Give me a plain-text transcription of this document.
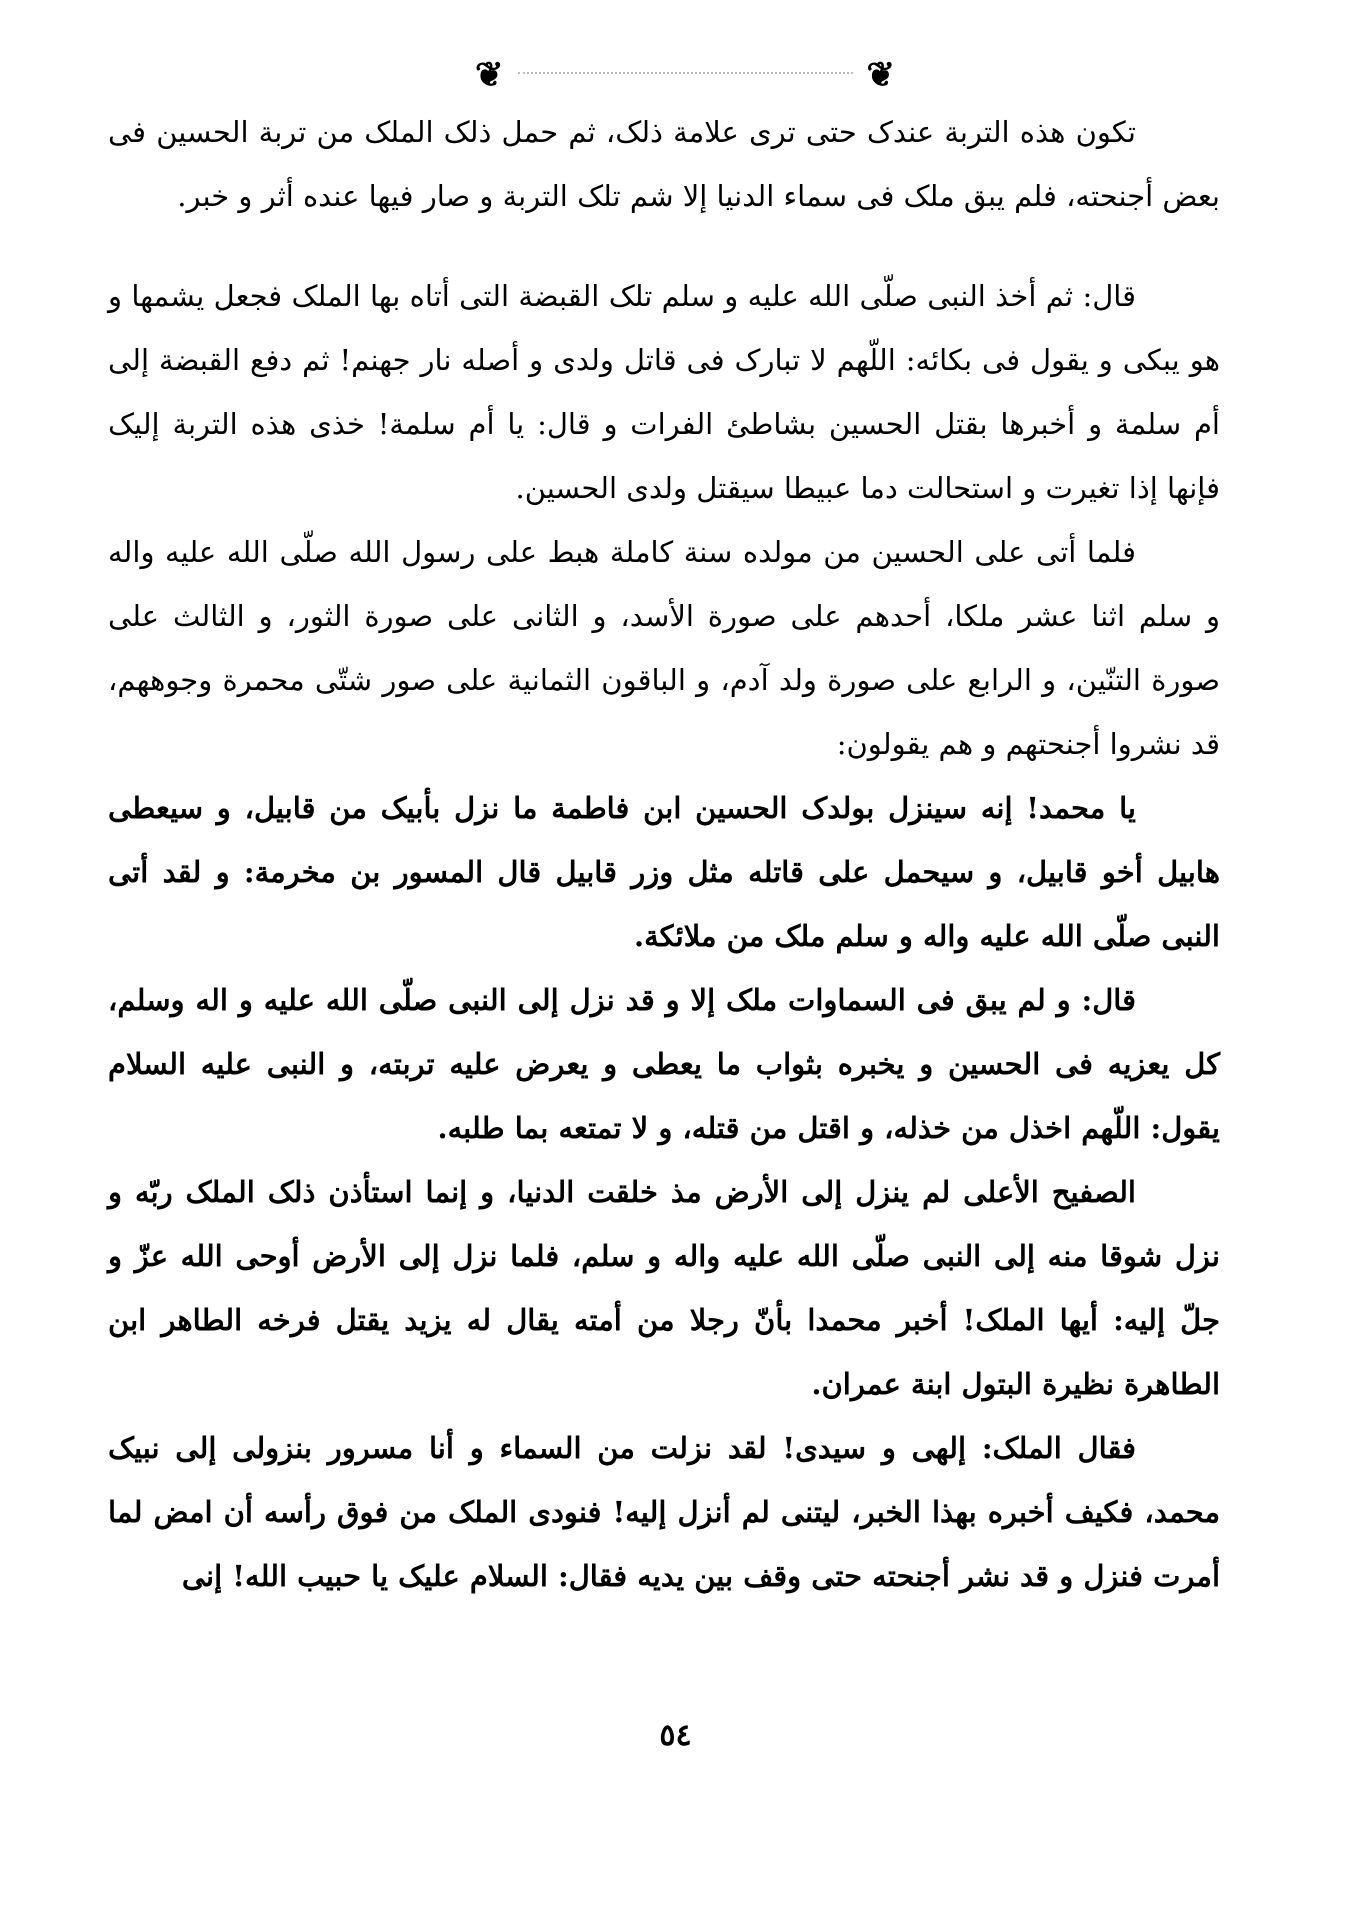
❦	❦

تكون هذه التربة عندک حتی تری علامة ذلک، ثم حمل ذلک الملک من تربة الحسین فی بعض أجنحته، فلم یبق ملک فی سماء الدنیا إلا شم تلک التربة و صار فیها عنده أثر و خبر.

قال: ثم أخذ النبی صلّی الله علیه و سلم تلک القبضة التی أتاه بها الملک فجعل یشمها و هو یبکی و یقول فی بکائه: اللّهم لا تبارک فی قاتل ولدی و أصله نار جهنم! ثم دفع القبضة إلی أم سلمة و أخبرها بقتل الحسین بشاطئ الفرات و قال: یا أم سلمة! خذی هذه التربة إلیک فإنها إذا تغیرت و استحالت دما عبیطا سیقتل ولدی الحسین.

فلما أتی علی الحسین من مولده سنة کاملة هبط علی رسول الله صلّی الله علیه واله و سلم اثنا عشر ملکا، أحدهم علی صورة الأسد، و الثانی علی صورة الثور، و الثالث علی صورة التنّین، و الرابع علی صورة ولد آدم، و الباقون الثمانیة علی صور شتّی محمرة وجوههم، قد نشروا أجنحتهم و هم یقولون:

یا محمد! إنه سینزل بولدک الحسین ابن فاطمة ما نزل بأبیک من قابیل، و سیعطی هابیل أخو قابیل، و سیحمل علی قاتله مثل وزر قابیل قال المسور بن مخرمة: و لقد أتی النبی صلّی الله علیه واله و سلم ملک من ملائکة.

قال: و لم یبق فی السماوات ملک إلا و قد نزل إلی النبی صلّی الله علیه و اله وسلم، کل یعزیه فی الحسین و یخبره بثواب ما یعطی و یعرض علیه تربته، و النبی علیه السلام یقول: اللّهم اخذل من خذله، و اقتل من قتله، و لا تمتعه بما طلبه.

الصفیح الأعلی لم ینزل إلی الأرض مذ خلقت الدنیا، و إنما استأذن ذلک الملک ربّه و نزل شوقا منه إلی النبی صلّی الله علیه واله و سلم، فلما نزل إلی الأرض أوحی الله عزّ و جلّ إلیه: أیها الملک! أخبر محمدا بأنّ رجلا من أمته یقال له یزید یقتل فرخه الطاهر ابن الطاهرة نظیرة البتول ابنة عمران.

فقال الملک: إلهی و سیدی! لقد نزلت من السماء و أنا مسرور بنزولی إلی نبیک محمد، فکیف أخبره بهذا الخبر، لیتنی لم أنزل إلیه! فنودی الملک من فوق رأسه أن امض لما أمرت فنزل و قد نشر أجنحته حتی وقف بین یدیه فقال: السلام علیک یا حبیب الله! إنی

٥٤
